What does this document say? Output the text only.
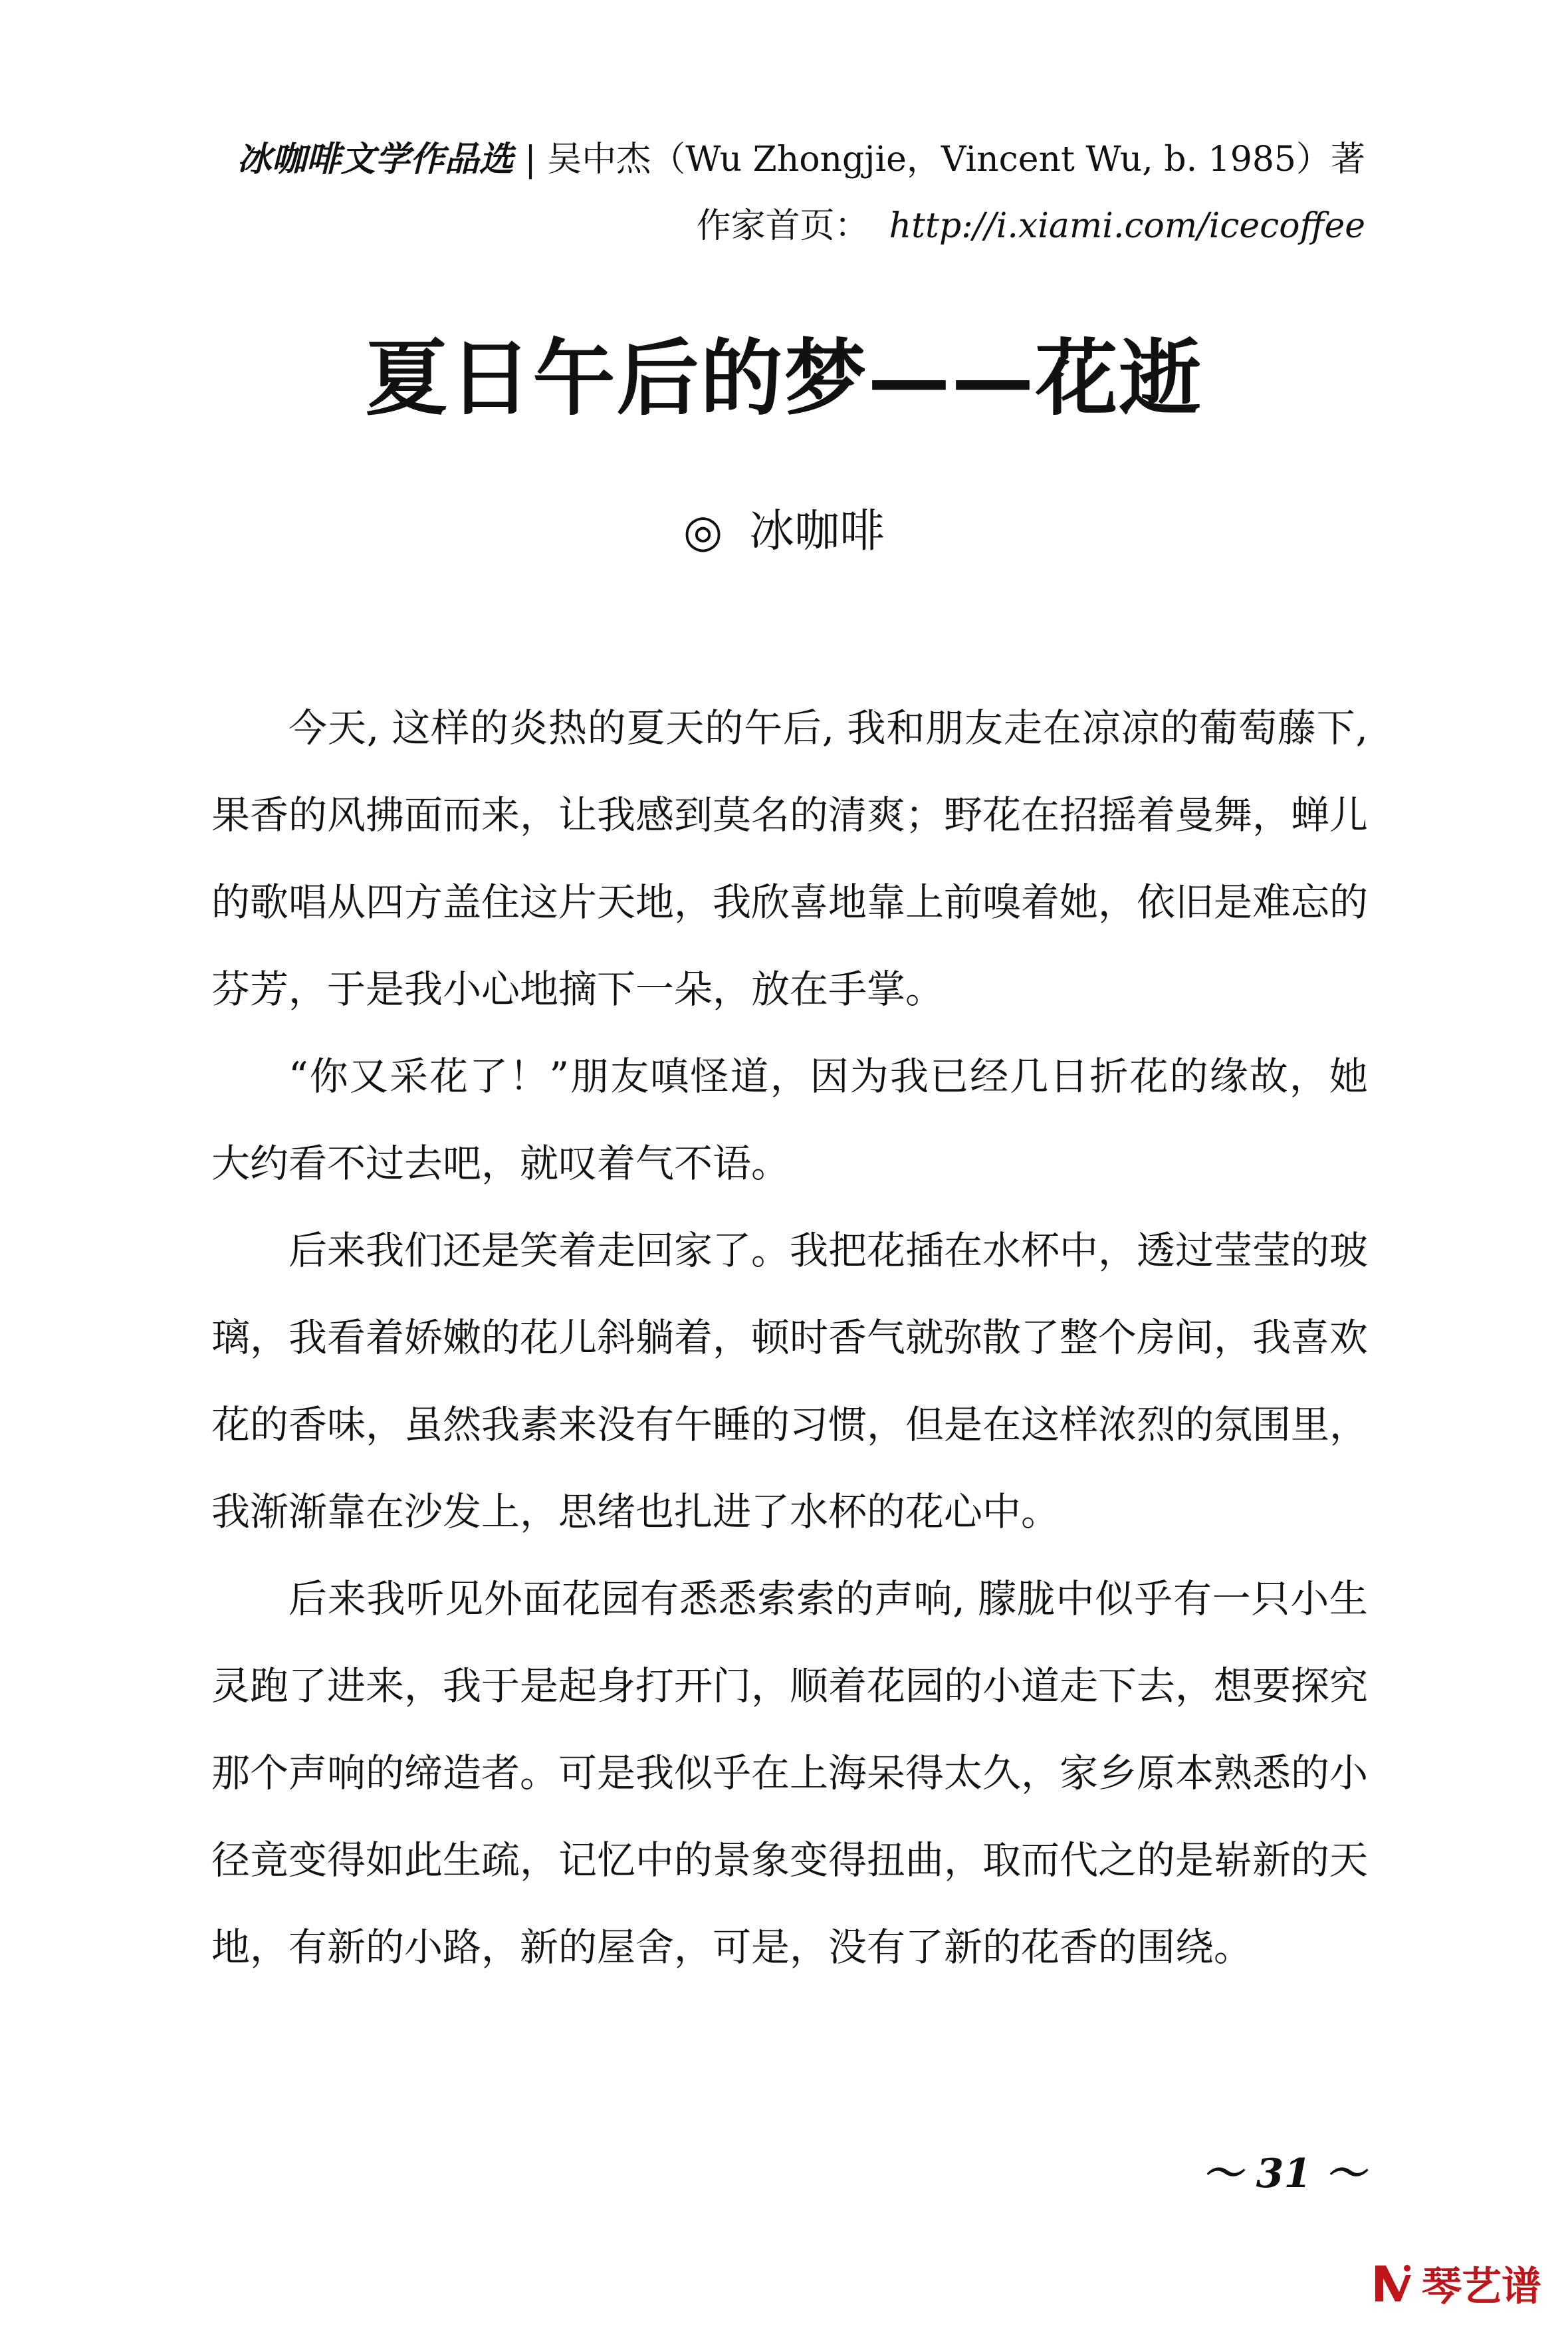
冰咖啡文学作品选 | 吴中杰（Wu Zhongjie，Vincent Wu, b. 1985）著
作家首页： http://i.xiami.com/icecoffee
夏日午后的梦——花逝
◎ 冰咖啡

今天, 这样的炎热的夏天的午后, 我和朋友走在凉凉的葡萄藤下, 果香的风拂面而来，让我感到莫名的清爽；野花在招摇着曼舞，蝉儿的歌唱从四方盖住这片天地，我欣喜地靠上前嗅着她，依旧是难忘的芬芳，于是我小心地摘下一朵，放在手掌。

“你又采花了！”朋友嗔怪道，因为我已经几日折花的缘故，她大约看不过去吧，就叹着气不语。

后来我们还是笑着走回家了。我把花插在水杯中，透过莹莹的玻璃，我看着娇嫩的花儿斜躺着，顿时香气就弥散了整个房间，我喜欢花的香味，虽然我素来没有午睡的习惯，但是在这样浓烈的氛围里，我渐渐靠在沙发上，思绪也扎进了水杯的花心中。

后来我听见外面花园有悉悉索索的声响, 朦胧中似乎有一只小生灵跑了进来，我于是起身打开门，顺着花园的小道走下去，想要探究那个声响的缔造者。可是我似乎在上海呆得太久，家乡原本熟悉的小径竟变得如此生疏，记忆中的景象变得扭曲，取而代之的是崭新的天地，有新的小路，新的屋舍，可是，没有了新的花香的围绕。

～ 31 ～
琴艺谱
